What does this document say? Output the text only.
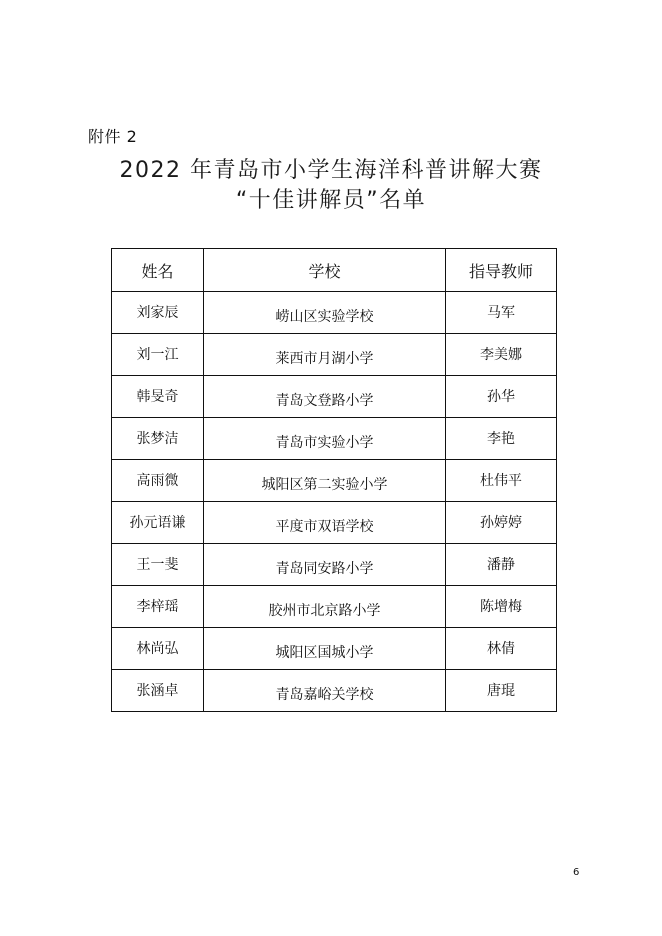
附件 2
2022 年青岛市小学生海洋科普讲解大赛
“十佳讲解员”名单
姓名	学校	指导教师
刘家辰	崂山区实验学校	马军
刘一江	莱西市月湖小学	李美娜
韩旻奇	青岛文登路小学	孙华
张梦洁	青岛市实验小学	李艳
高雨微	城阳区第二实验小学	杜伟平
孙元语谦	平度市双语学校	孙婷婷
王一斐	青岛同安路小学	潘静
李梓瑶	胶州市北京路小学	陈增梅
林尚弘	城阳区国城小学	林倩
张涵卓	青岛嘉峪关学校	唐琨
6
